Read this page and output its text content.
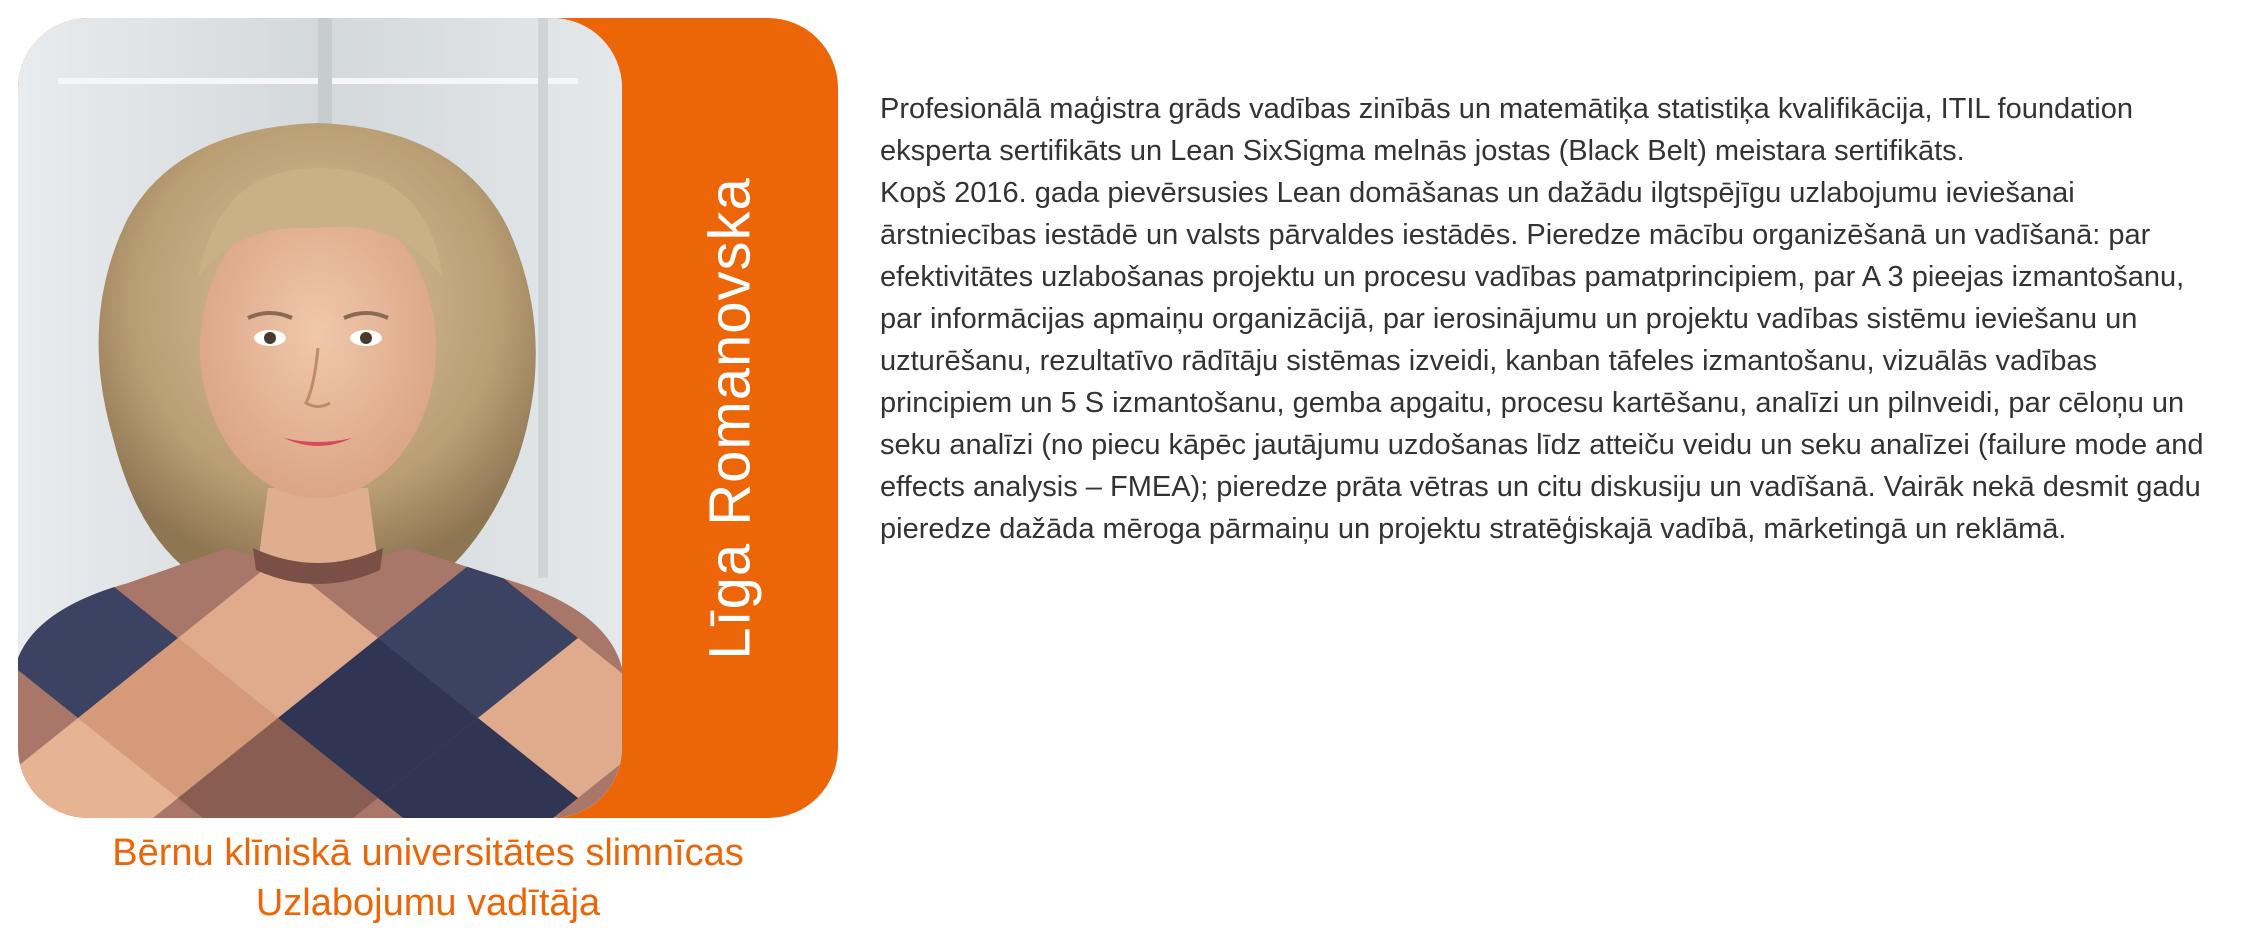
Līga Romanovska
Bērnu klīniskā universitātes slimnīcas
Uzlabojumu vadītāja

Profesionālā maģistra grāds vadības zinībās un matemātiķa statistiķa kvalifikācija, ITIL foundation eksperta sertifikāts un Lean SixSigma melnās jostas (Black Belt) meistara sertifikāts.

Kopš 2016. gada pievērsusies Lean domāšanas un dažādu ilgtspējīgu uzlabojumu ieviešanai ārstniecības iestādē un valsts pārvaldes iestādēs. Pieredze mācību organizēšanā un vadīšanā: par efektivitātes uzlabošanas projektu un procesu vadības pamatprincipiem, par A 3 pieejas izmantošanu, par informācijas apmaiņu organizācijā, par ierosinājumu un projektu vadības sistēmu ieviešanu un uzturēšanu, rezultatīvo rādītāju sistēmas izveidi, kanban tāfeles izmantošanu, vizuālās vadības principiem un 5 S izmantošanu, gemba apgaitu, procesu kartēšanu, analīzi un pilnveidi, par cēloņu un seku analīzi (no piecu kāpēc jautājumu uzdošanas līdz atteiču veidu un seku analīzei (failure mode and effects analysis – FMEA); pieredze prāta vētras un citu diskusiju un vadīšanā. Vairāk nekā desmit gadu pieredze dažāda mēroga pārmaiņu un projektu stratēģiskajā vadībā, mārketingā un reklāmā.
